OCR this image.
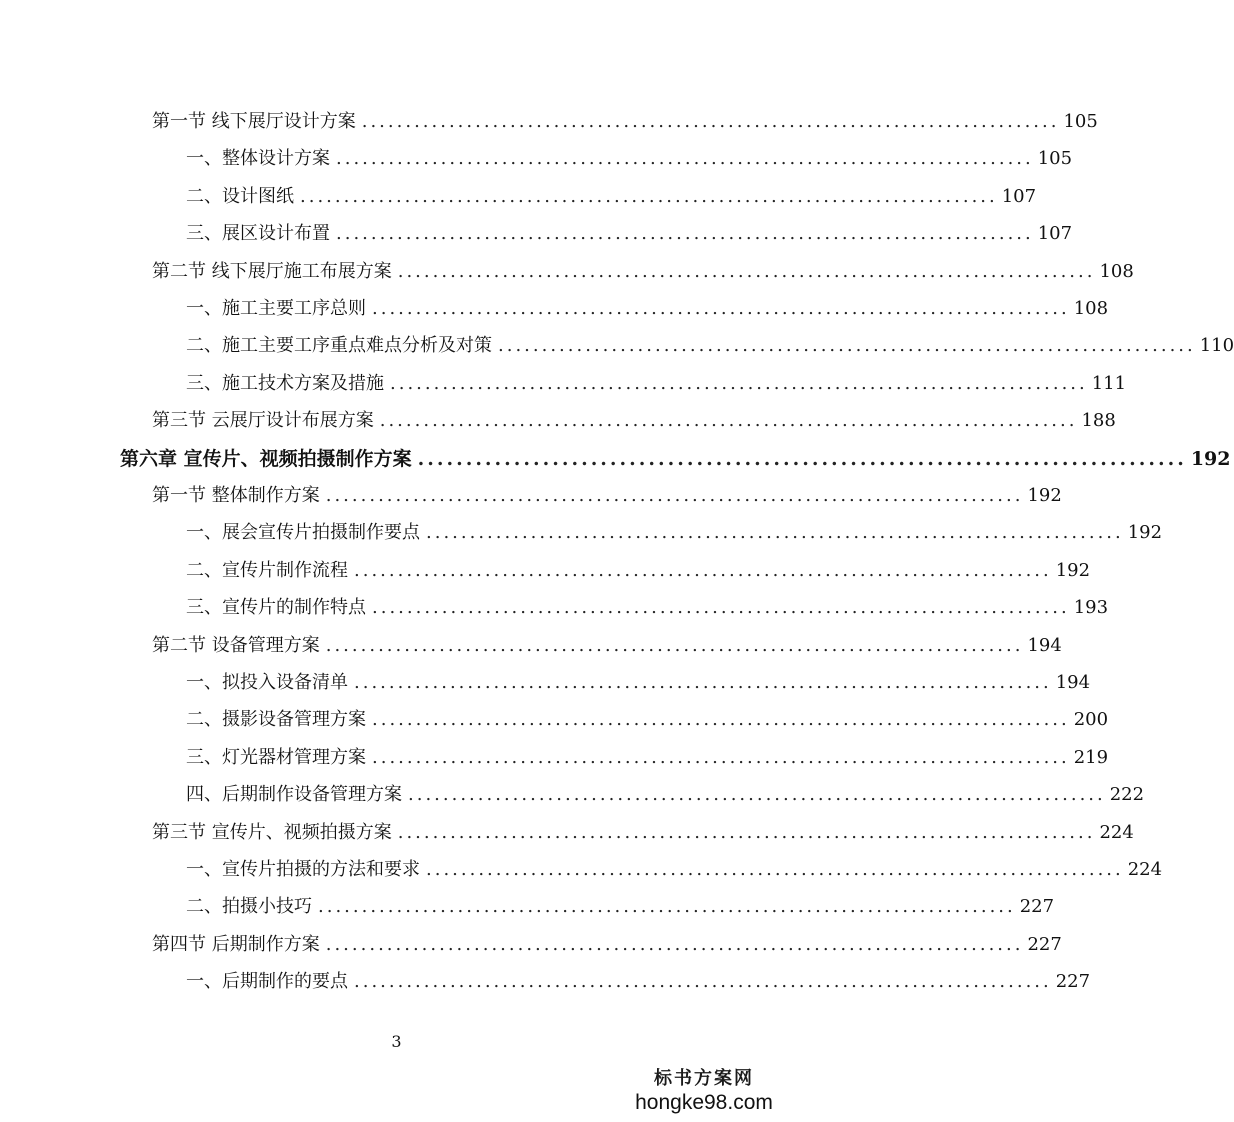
第一节 线下展厅设计方案 ................................................................................ 105
一、整体设计方案 ................................................................................ 105
二、设计图纸 ................................................................................ 107
三、展区设计布置 ................................................................................ 107
第二节 线下展厅施工布展方案 ................................................................................ 108
一、施工主要工序总则 ................................................................................ 108
二、施工主要工序重点难点分析及对策 ................................................................................ 110
三、施工技术方案及措施 ................................................................................ 111
第三节 云展厅设计布展方案 ................................................................................ 188
第六章 宣传片、视频拍摄制作方案 ................................................................................ 192
第一节 整体制作方案 ................................................................................ 192
一、展会宣传片拍摄制作要点 ................................................................................ 192
二、宣传片制作流程 ................................................................................ 192
三、宣传片的制作特点 ................................................................................ 193
第二节 设备管理方案 ................................................................................ 194
一、拟投入设备清单 ................................................................................ 194
二、摄影设备管理方案 ................................................................................ 200
三、灯光器材管理方案 ................................................................................ 219
四、后期制作设备管理方案 ................................................................................ 222
第三节 宣传片、视频拍摄方案 ................................................................................ 224
一、宣传片拍摄的方法和要求 ................................................................................ 224
二、拍摄小技巧 ................................................................................ 227
第四节 后期制作方案 ................................................................................ 227
一、后期制作的要点 ................................................................................ 227
3
标书方案网
hongke98.com
